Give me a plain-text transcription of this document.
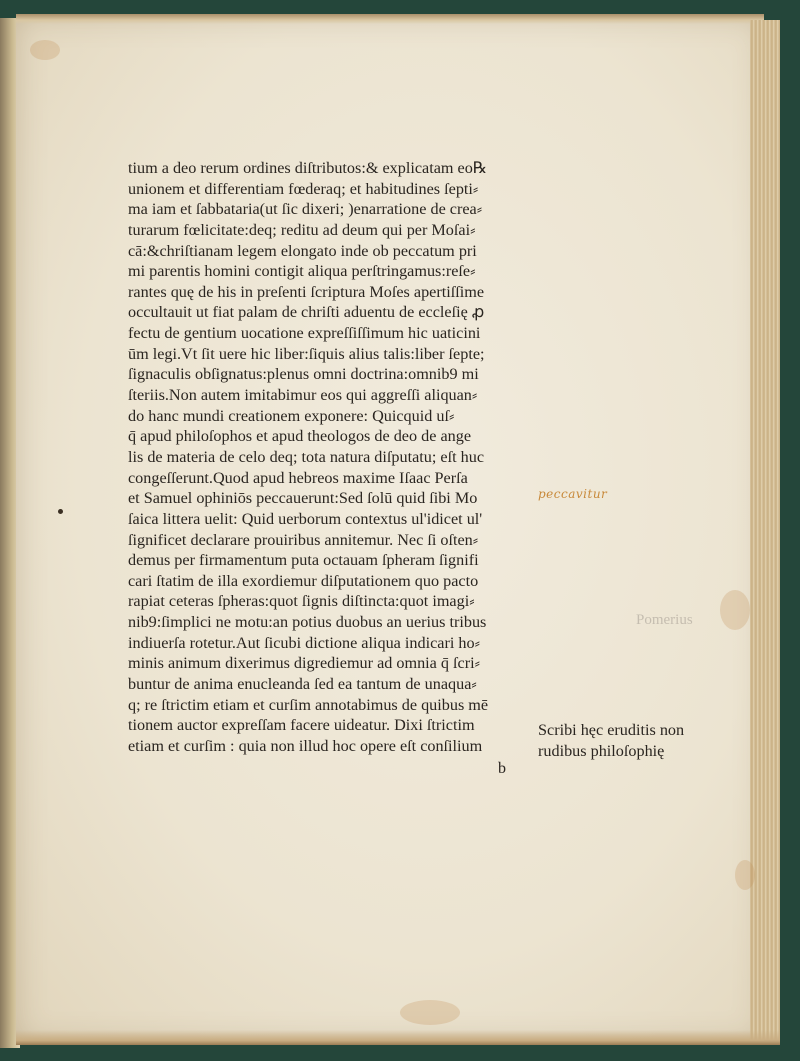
tium a deo rerum ordines diſtributos:& explicatam eo℞
unionem et differentiam fœderaq; et habitudines ſepti⸗
ma iam et ſabbataria(ut ſic dixeri; )enarratione de crea⸗
turarum fœlicitate:deq; reditu ad deum qui per Moſai⸗
cā:&chriſtianam legem elongato inde ob peccatum pri
mi parentis homini contigit aliqua perſtringamus:reſe⸗
rantes quę de his in preſenti ſcriptura Moſes apertiſſime
occultauit ut fiat palam de chriſti aduentu de eccleſię ꝓ
fectu de gentium uocatione expreſſiſſimum hic uaticini
ūm legi.Vt ſit uere hic liber:ſiquis alius talis:liber ſepte;
ſignaculis obſignatus:plenus omni doctrina:omnib9 mi
ſteriis.Non autem imitabimur eos qui aggreſſi aliquan⸗
do hanc mundi creationem exponere: Quicquid uſ⸗
q̄ apud philoſophos et apud theologos de deo de ange
lis de materia de celo deq; tota natura diſputatu; eſt huc
congeſſerunt.Quod apud hebreos maxime Iſaac Perſa
et Samuel ophiniōs peccauerunt:Sed ſolū quid ſibi Mo
ſaica littera uelit: Quid uerborum contextus ul'idicet ul'
ſignificet declarare prouiribus annitemur. Nec ſi oſten⸗
demus per firmamentum puta octauam ſpheram ſignifi
cari ſtatim de illa exordiemur diſputationem quo pacto
rapiat ceteras ſpheras:quot ſignis diſtincta:quot imagi⸗
nib9:ſimplici ne motu:an potius duobus an uerius tribus
indiuerſa rotetur.Aut ſicubi dictione aliqua indicari ho⸗
minis animum dixerimus digrediemur ad omnia q̄ ſcri⸗
buntur de anima enucleanda ſed ea tantum de unaqua⸗
q; re ſtrictim etiam et curſim annotabimus de quibus mē
tionem auctor expreſſam facere uideatur. Dixi ſtrictim
etiam et curſim : quia non illud hoc opere eſt conſilium
b
peccavitur
Pomerius
Scribi hęc eruditis non
rudibus philoſophię
